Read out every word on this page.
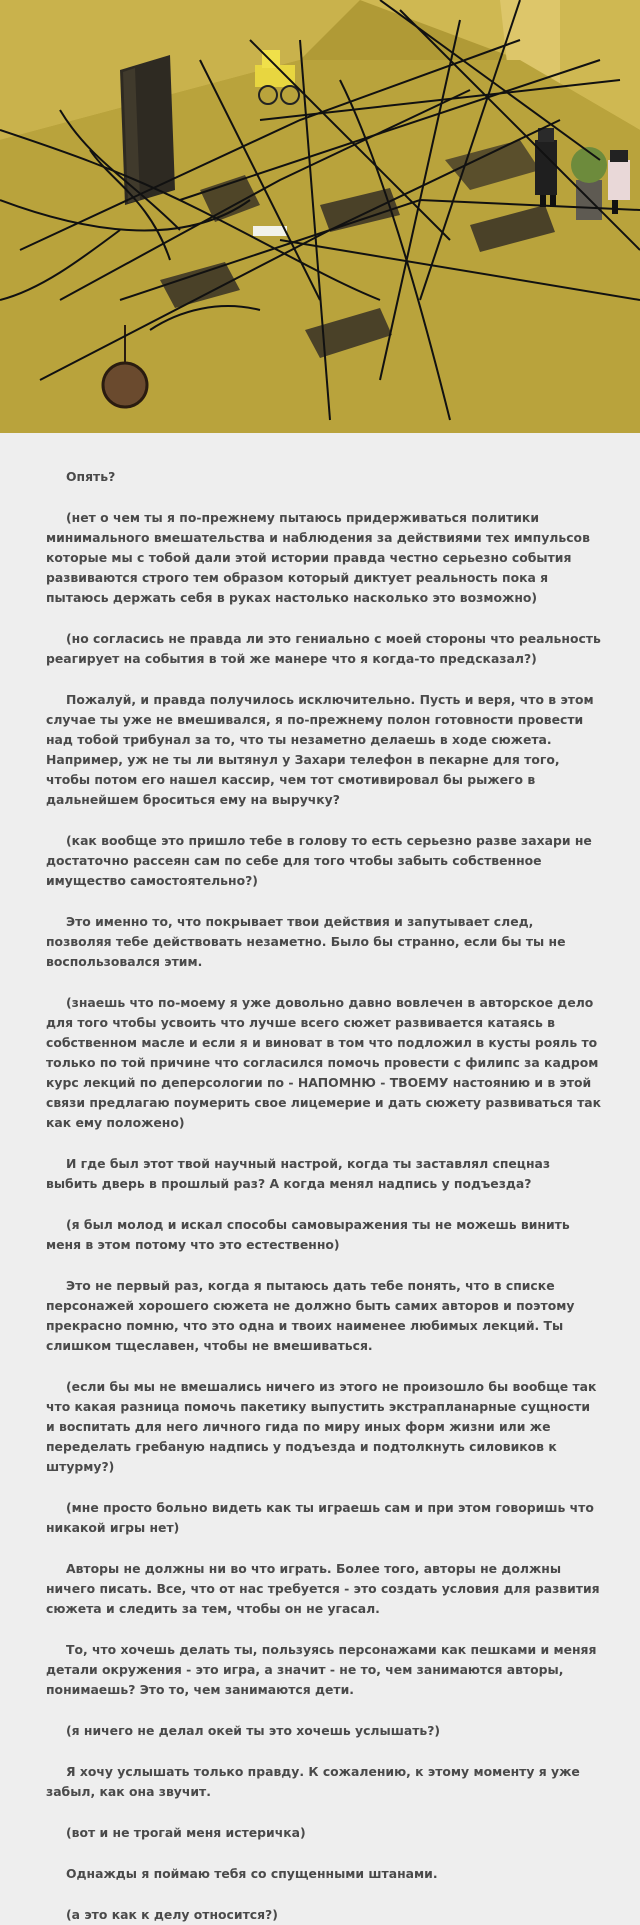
Опять?

(нет о чем ты я по-прежнему пытаюсь придерживаться политики минимального вмешательства и наблюдения за действиями тех импульсов которые мы с тобой дали этой истории правда честно серьезно события развиваются строго тем образом который диктует реальность пока я пытаюсь держать себя в руках настолько насколько это возможно)

(но согласись не правда ли это гениально с моей стороны что реальность реагирует на события в той же манере что я когда-то предсказал?)

Пожалуй, и правда получилось исключительно. Пусть и веря, что в этом случае ты уже не вмешивался, я по-прежнему полон готовности провести над тобой трибунал за то, что ты незаметно делаешь в ходе сюжета. Например, уж не ты ли вытянул у Захари телефон в пекарне для того, чтобы потом его нашел кассир, чем тот смотивировал бы рыжего в дальнейшем броситься ему на выручку?

(как вообще это пришло тебе в голову то есть серьезно разве захари не достаточно рассеян сам по себе для того чтобы забыть собственное имущество самостоятельно?)

Это именно то, что покрывает твои действия и запутывает след, позволяя тебе действовать незаметно. Было бы странно, если бы ты не воспользовался этим.

(знаешь что по-моему я уже довольно давно вовлечен в авторское дело для того чтобы усвоить что лучше всего сюжет развивается катаясь в собственном масле и если я и виноват в том что подложил в кусты рояль то только по той причине что согласился помочь провести с филипс за кадром курс лекций по деперсологии по - НАПОМНЮ - ТВОЕМУ настоянию и в этой связи предлагаю поумерить свое лицемерие и дать сюжету развиваться так как ему положено)

И где был этот твой научный настрой, когда ты заставлял спецназ выбить дверь в прошлый раз? А когда менял надпись у подъезда?

(я был молод и искал способы самовыражения ты не можешь винить меня в этом потому что это естественно)

Это не первый раз, когда я пытаюсь дать тебе понять, что в списке персонажей хорошего сюжета не должно быть самих авторов и поэтому прекрасно помню, что это одна и твоих наименее любимых лекций. Ты слишком тщеславен, чтобы не вмешиваться.

(если бы мы не вмешались ничего из этого не произошло бы вообще так что какая разница помочь пакетику выпустить экстрапланарные сущности и воспитать для него личного гида по миру иных форм жизни или же переделать гребаную надпись у подъезда и подтолкнуть силовиков к штурму?)

(мне просто больно видеть как ты играешь сам и при этом говоришь что никакой игры нет)

Авторы не должны ни во что играть. Более того, авторы не должны ничего писать. Все, что от нас требуется - это создать условия для развития сюжета и следить за тем, чтобы он не угасал.

То, что хочешь делать ты, пользуясь персонажами как пешками и меняя детали окружения - это игра, а значит - не то, чем занимаются авторы, понимаешь? Это то, чем занимаются дети.

(я ничего не делал окей ты это хочешь услышать?)

Я хочу услышать только правду. К сожалению, к этому моменту я уже забыл, как она звучит.

(вот и не трогай меня истеричка)

Однажды я поймаю тебя со спущенными штанами.

(а это как к делу относится?)
